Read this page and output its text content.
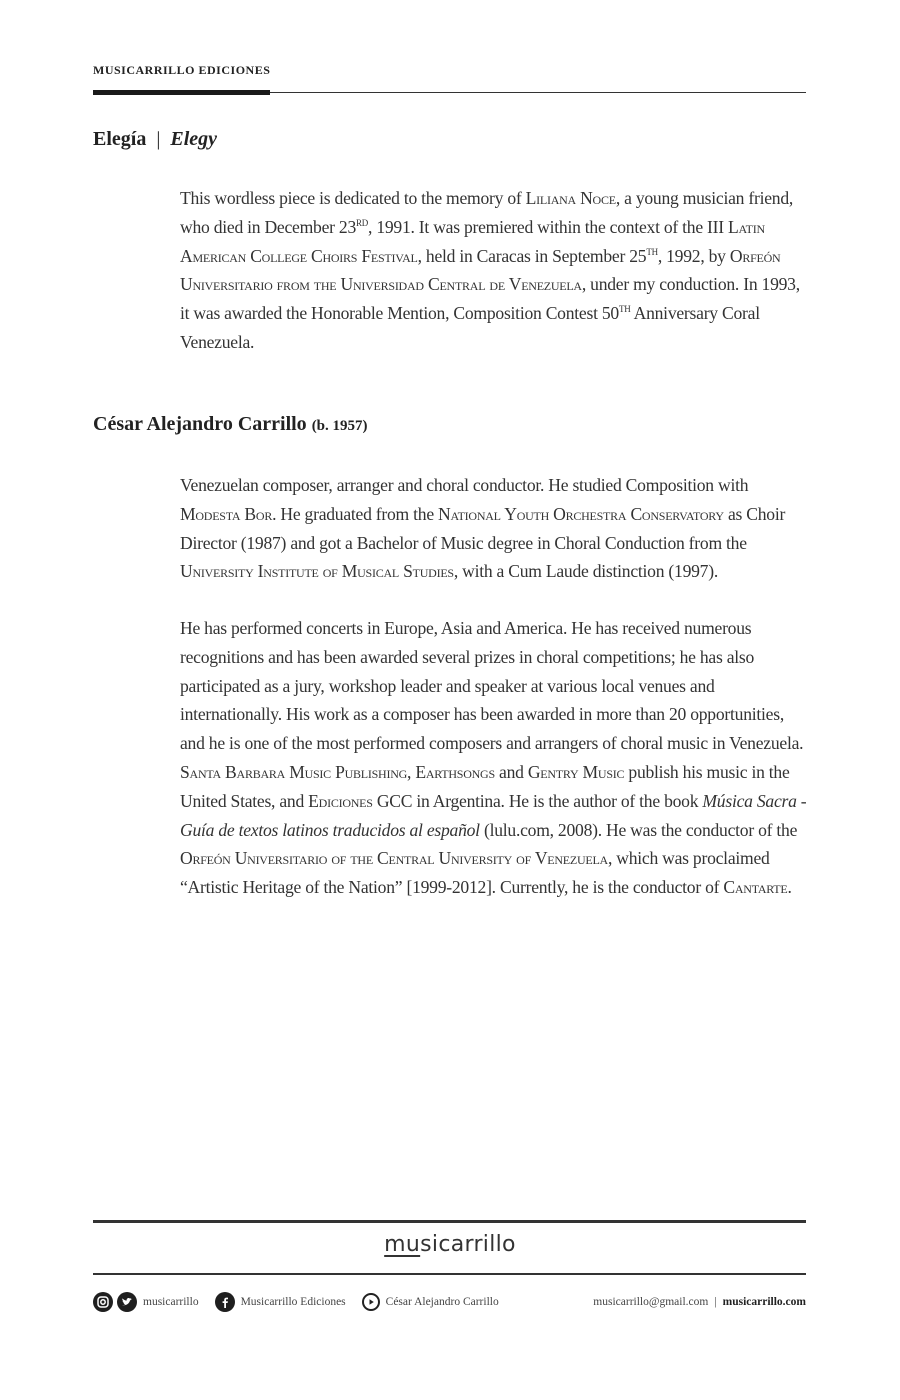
MUSICARRILLO EDICIONES
Elegía | Elegy
This wordless piece is dedicated to the memory of Liliana Noce, a young musician friend, who died in December 23RD, 1991. It was premiered within the context of the III Latin American College Choirs Festival, held in Caracas in September 25TH, 1992, by Orfeón Universitario from the Universidad Central de Venezuela, under my conduction. In 1993, it was awarded the Honorable Mention, Composition Contest 50TH Anniversary Coral Venezuela.
César Alejandro Carrillo (b. 1957)
Venezuelan composer, arranger and choral conductor. He studied Composition with Modesta Bor. He graduated from the National Youth Orchestra Conservatory as Choir Director (1987) and got a Bachelor of Music degree in Choral Conduction from the University Institute of Musical Studies, with a Cum Laude distinction (1997).
He has performed concerts in Europe, Asia and America. He has received numerous recognitions and has been awarded several prizes in choral competitions; he has also participated as a jury, workshop leader and speaker at various local venues and internationally. His work as a composer has been awarded in more than 20 opportunities, and he is one of the most performed composers and arrangers of choral music in Venezuela. Santa Barbara Music Publishing, Earthsongs and Gentry Music publish his music in the United States, and Ediciones GCC in Argentina. He is the author of the book Música Sacra - Guía de textos latinos traducidos al español (lulu.com, 2008). He was the conductor of the Orfeón Universitario of the Central University of Venezuela, which was proclaimed “Artistic Heritage of the Nation” [1999-2012]. Currently, he is the conductor of Cantarte.
musicarrillo
musicarrillo	Musicarrillo Ediciones	César Alejandro Carrillo	musicarrillo@gmail.com | musicarrillo.com
